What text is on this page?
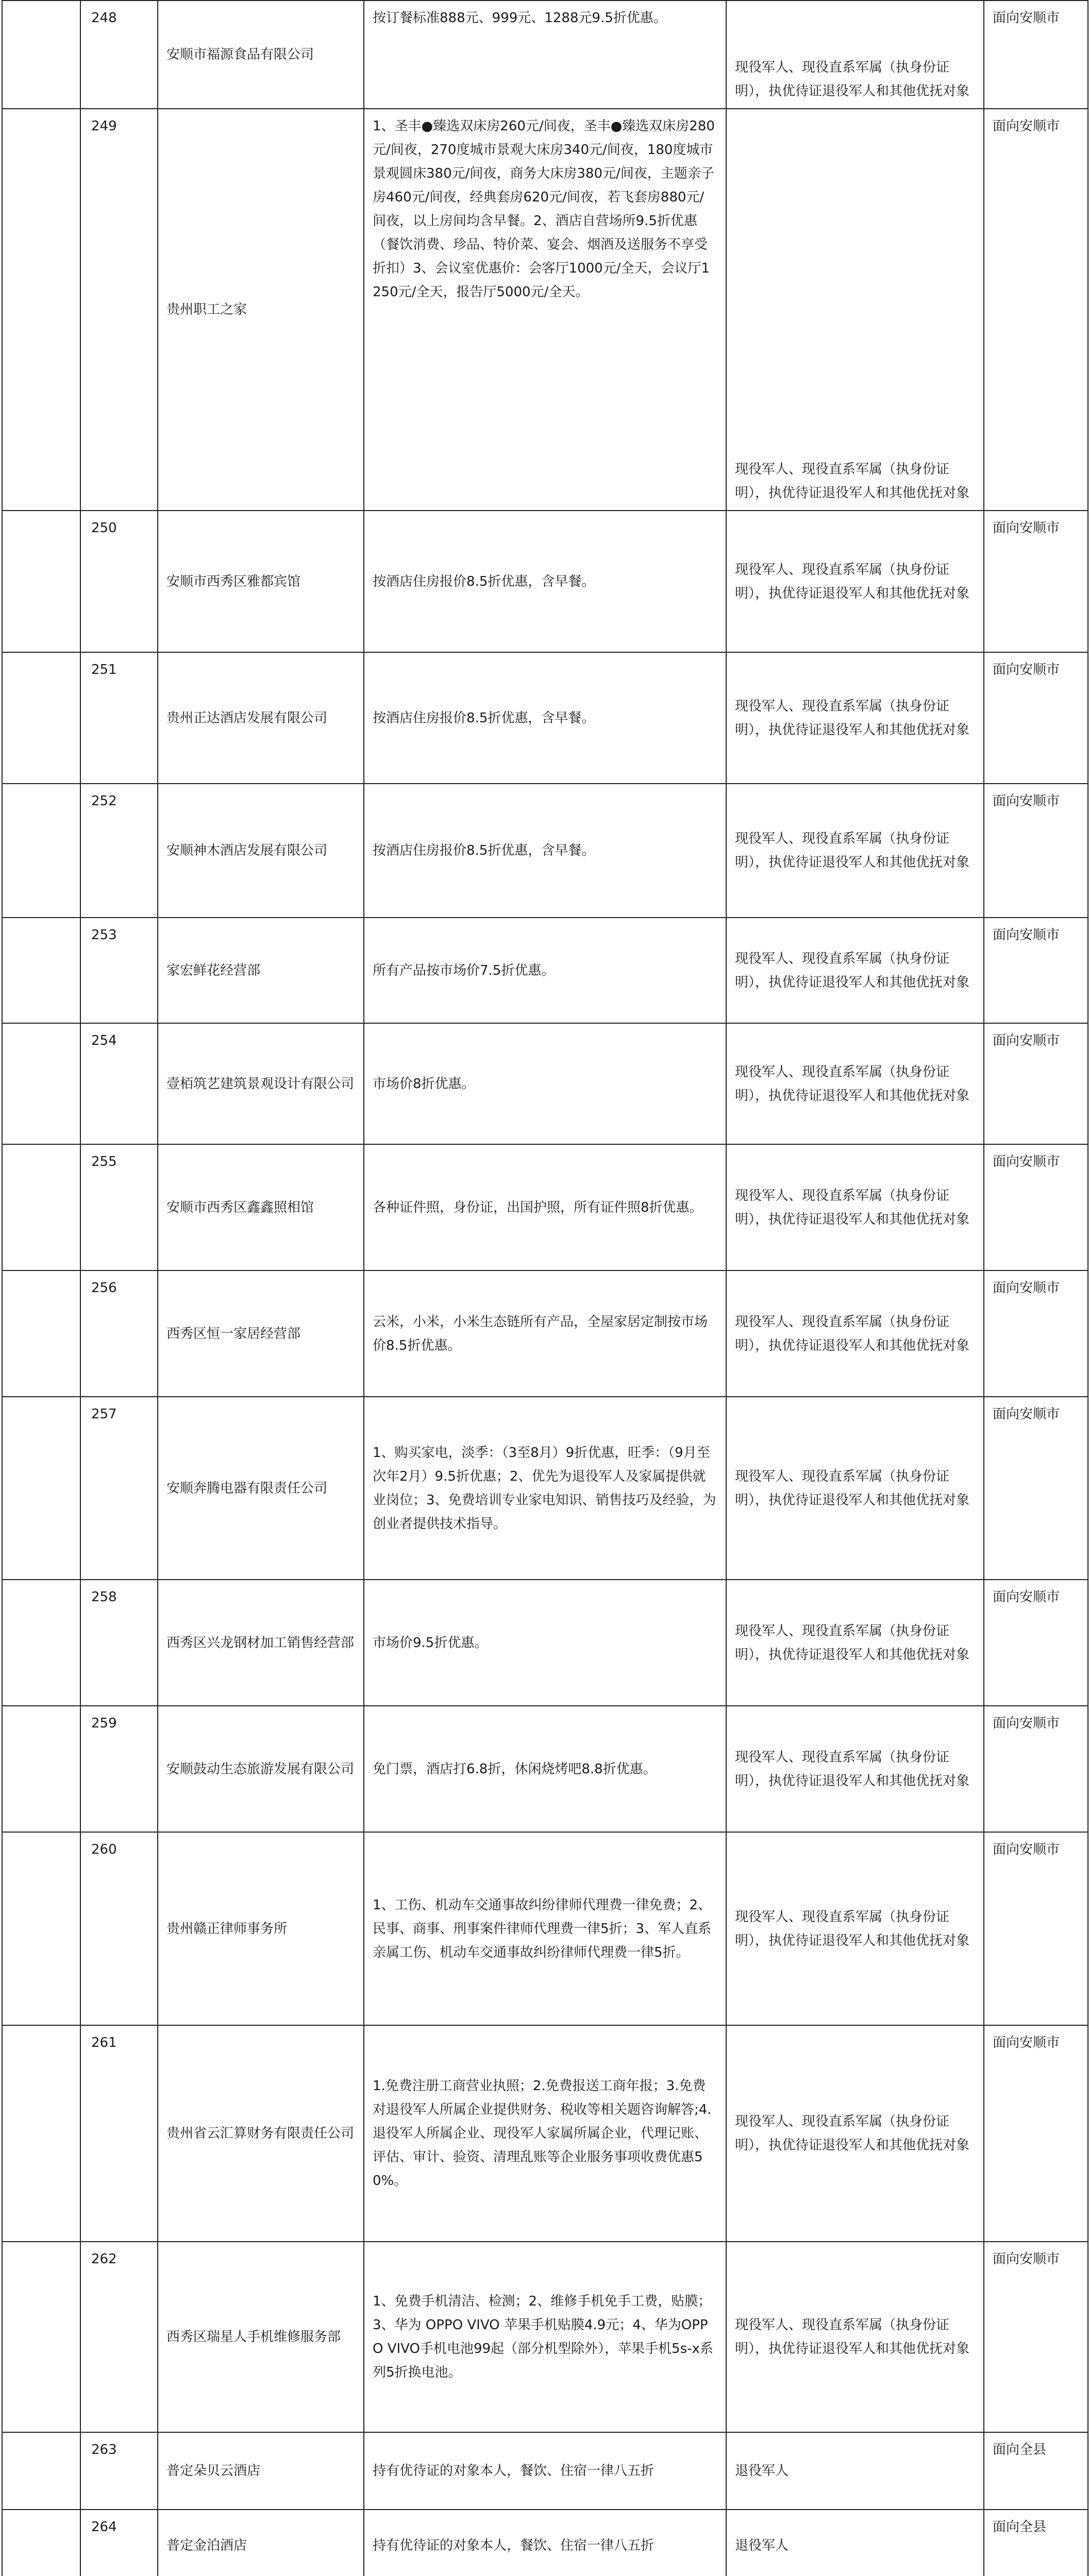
	248	安顺市福源食品有限公司	按订餐标准888元、999元、1288元9.5折优惠。	现役军人、现役直系军属（执身份证明），执优待证退役军人和其他优抚对象	面向安顺市
	249	贵州职工之家	1、圣丰●臻选双床房260元/间夜，圣丰●臻选双床房280元/间夜，270度城市景观大床房340元/间夜，180度城市景观圆床380元/间夜，商务大床房380元/间夜，主题亲子房460元/间夜，经典套房620元/间夜，若飞套房880元/间夜，以上房间均含早餐。2、酒店自营场所9.5折优惠（餐饮消费、珍品、特价菜、宴会、烟酒及送服务不享受折扣）3、会议室优惠价：会客厅1000元/全天，会议厅1250元/全天，报告厅5000元/全天。	现役军人、现役直系军属（执身份证明），执优待证退役军人和其他优抚对象	面向安顺市
	250	安顺市西秀区雅都宾馆	按酒店住房报价8.5折优惠，含早餐。	现役军人、现役直系军属（执身份证明），执优待证退役军人和其他优抚对象	面向安顺市
	251	贵州正达酒店发展有限公司	按酒店住房报价8.5折优惠，含早餐。	现役军人、现役直系军属（执身份证明），执优待证退役军人和其他优抚对象	面向安顺市
	252	安顺神木酒店发展有限公司	按酒店住房报价8.5折优惠，含早餐。	现役军人、现役直系军属（执身份证明），执优待证退役军人和其他优抚对象	面向安顺市
	253	家宏鲜花经营部	所有产品按市场价7.5折优惠。	现役军人、现役直系军属（执身份证明），执优待证退役军人和其他优抚对象	面向安顺市
	254	壹栢筑艺建筑景观设计有限公司	市场价8折优惠。	现役军人、现役直系军属（执身份证明），执优待证退役军人和其他优抚对象	面向安顺市
	255	安顺市西秀区鑫鑫照相馆	各种证件照，身份证，出国护照，所有证件照8折优惠。	现役军人、现役直系军属（执身份证明），执优待证退役军人和其他优抚对象	面向安顺市
	256	西秀区恒一家居经营部	云米，小米，小米生态链所有产品，全屋家居定制按市场价8.5折优惠。	现役军人、现役直系军属（执身份证明），执优待证退役军人和其他优抚对象	面向安顺市
	257	安顺奔腾电器有限责任公司	1、购买家电，淡季：（3至8月）9折优惠，旺季：（9月至次年2月）9.5折优惠；2、优先为退役军人及家属提供就业岗位；3、免费培训专业家电知识、销售技巧及经验，为创业者提供技术指导。	现役军人、现役直系军属（执身份证明），执优待证退役军人和其他优抚对象	面向安顺市
	258	西秀区兴龙钢材加工销售经营部	市场价9.5折优惠。	现役军人、现役直系军属（执身份证明），执优待证退役军人和其他优抚对象	面向安顺市
	259	安顺鼓动生态旅游发展有限公司	免门票，酒店打6.8折，休闲烧烤吧8.8折优惠。	现役军人、现役直系军属（执身份证明），执优待证退役军人和其他优抚对象	面向安顺市
	260	贵州赣正律师事务所	1、工伤、机动车交通事故纠纷律师代理费一律免费；2、民事、商事、刑事案件律师代理费一律5折；3、军人直系亲属工伤、机动车交通事故纠纷律师代理费一律5折。	现役军人、现役直系军属（执身份证明），执优待证退役军人和其他优抚对象	面向安顺市
	261	贵州省云汇算财务有限责任公司	1.免费注册工商营业执照；2.免费报送工商年报；3.免费对退役军人所属企业提供财务、税收等相关题咨询解答;4.退役军人所属企业、现役军人家属所属企业，代理记账、评估、审计、验资、清理乱账等企业服务事项收费优惠50%。	现役军人、现役直系军属（执身份证明），执优待证退役军人和其他优抚对象	面向安顺市
	262	西秀区瑞星人手机维修服务部	1、免费手机清洁、检测；2、维修手机免手工费，贴膜；3、华为 OPPO VIVO 苹果手机贴膜4.9元；4、华为OPPO VIVO手机电池99起（部分机型除外），苹果手机5s-x系列5折换电池。	现役军人、现役直系军属（执身份证明），执优待证退役军人和其他优抚对象	面向安顺市
	263	普定朵贝云酒店	持有优待证的对象本人，餐饮、住宿一律八五折	退役军人	面向全县
	264	普定金泊酒店	持有优待证的对象本人，餐饮、住宿一律八五折	退役军人	面向全县
